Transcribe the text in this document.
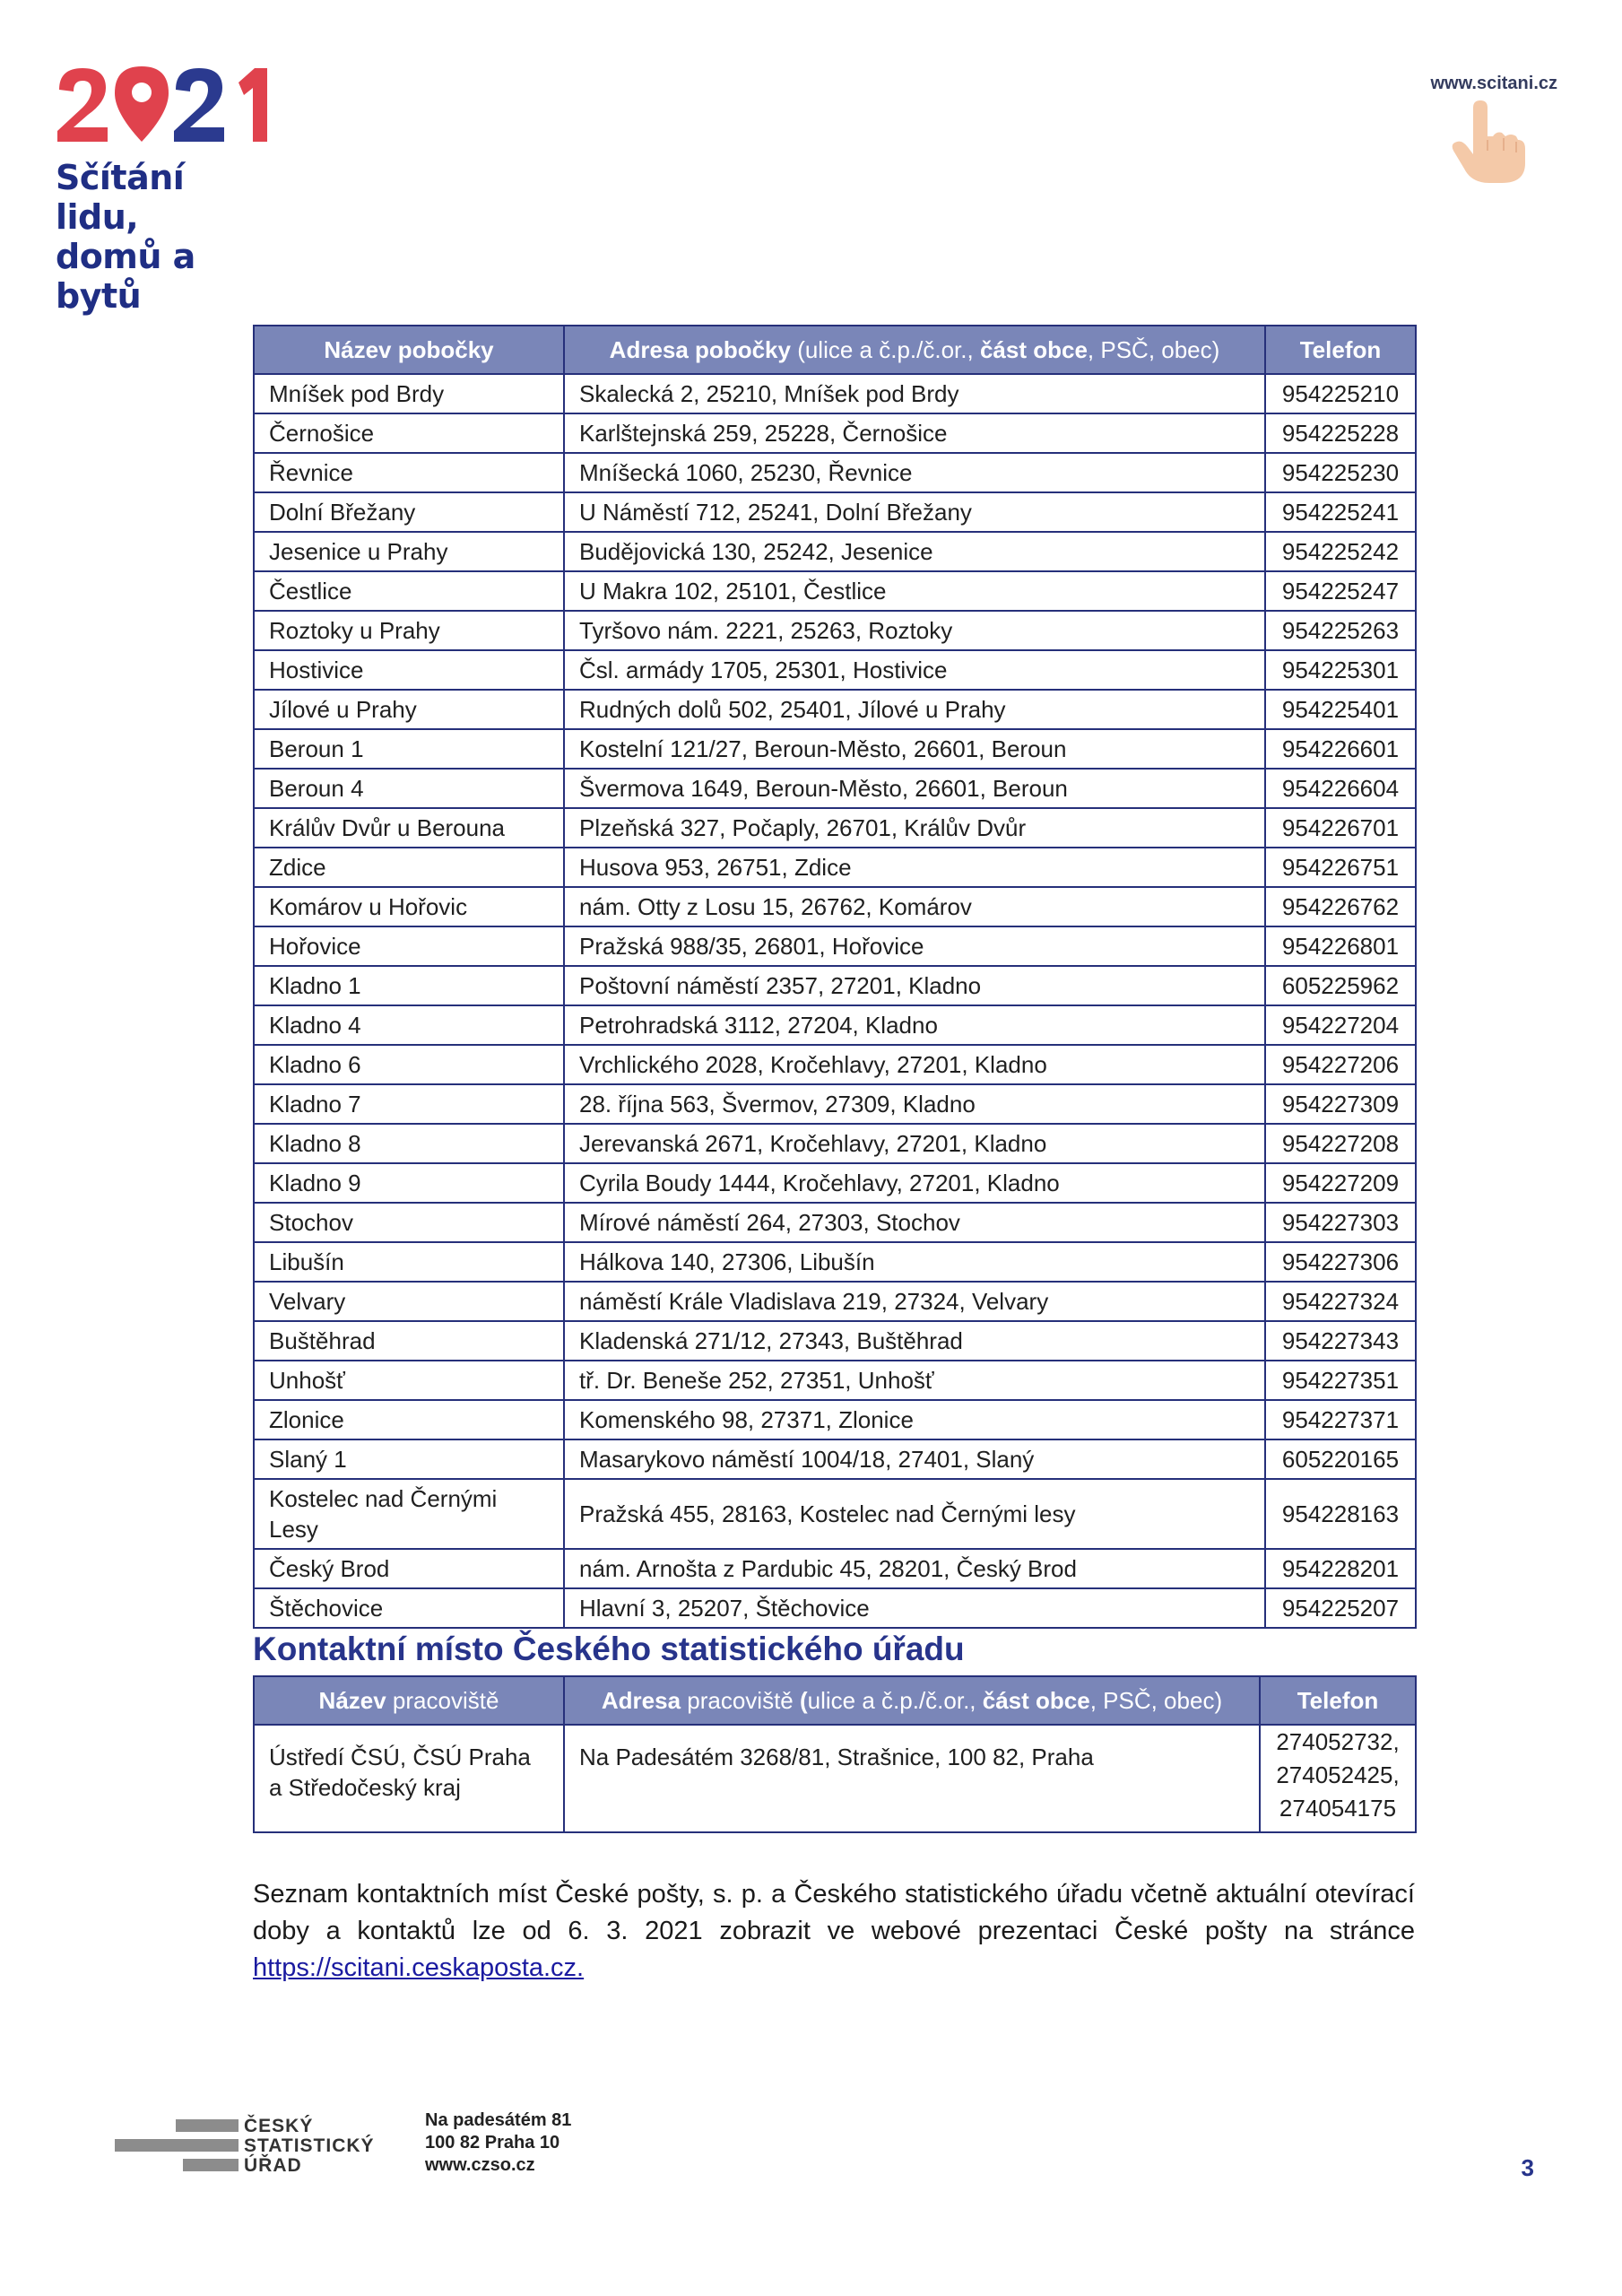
Sčítání lidu,
domů a bytů
www.scitani.cz
Název pobočky	Adresa pobočky (ulice a č.p./č.or., část obce, PSČ, obec)	Telefon
Mníšek pod Brdy	Skalecká 2, 25210, Mníšek pod Brdy	954225210
Černošice	Karlštejnská 259, 25228, Černošice	954225228
Řevnice	Mníšecká 1060, 25230, Řevnice	954225230
Dolní Břežany	U Náměstí 712, 25241, Dolní Břežany	954225241
Jesenice u Prahy	Budějovická 130, 25242, Jesenice	954225242
Čestlice	U Makra 102, 25101, Čestlice	954225247
Roztoky u Prahy	Tyršovo nám. 2221, 25263, Roztoky	954225263
Hostivice	Čsl. armády 1705, 25301, Hostivice	954225301
Jílové u Prahy	Rudných dolů 502, 25401, Jílové u Prahy	954225401
Beroun 1	Kostelní 121/27, Beroun-Město, 26601, Beroun	954226601
Beroun 4	Švermova 1649, Beroun-Město, 26601, Beroun	954226604
Králův Dvůr u Berouna	Plzeňská 327, Počaply, 26701, Králův Dvůr	954226701
Zdice	Husova 953, 26751, Zdice	954226751
Komárov u Hořovic	nám. Otty z Losu 15, 26762, Komárov	954226762
Hořovice	Pražská 988/35, 26801, Hořovice	954226801
Kladno 1	Poštovní náměstí 2357, 27201, Kladno	605225962
Kladno 4	Petrohradská 3112, 27204, Kladno	954227204
Kladno 6	Vrchlického 2028, Kročehlavy, 27201, Kladno	954227206
Kladno 7	28. října 563, Švermov, 27309, Kladno	954227309
Kladno 8	Jerevanská 2671, Kročehlavy, 27201, Kladno	954227208
Kladno 9	Cyrila Boudy 1444, Kročehlavy, 27201, Kladno	954227209
Stochov	Mírové náměstí 264, 27303, Stochov	954227303
Libušín	Hálkova 140, 27306, Libušín	954227306
Velvary	náměstí Krále Vladislava 219, 27324, Velvary	954227324
Buštěhrad	Kladenská 271/12, 27343, Buštěhrad	954227343
Unhošť	tř. Dr. Beneše 252, 27351, Unhošť	954227351
Zlonice	Komenského 98, 27371, Zlonice	954227371
Slaný 1	Masarykovo náměstí 1004/18, 27401, Slaný	605220165
Kostelec nad Černými Lesy	Pražská 455, 28163, Kostelec nad Černými lesy	954228163
Český Brod	nám. Arnošta z Pardubic 45, 28201, Český Brod	954228201
Štěchovice	Hlavní 3, 25207, Štěchovice	954225207
Kontaktní místo Českého statistického úřadu
Název pracoviště	Adresa pracoviště (ulice a č.p./č.or., část obce, PSČ, obec)	Telefon
Ústředí ČSÚ, ČSÚ Praha a Středočeský kraj	Na Padesátém 3268/81, Strašnice, 100 82, Praha	274052732,
274052425,
274054175
Seznam kontaktních míst České pošty, s. p. a Českého statistického úřadu včetně aktuální otevírací doby a kontaktů lze od 6. 3. 2021 zobrazit ve webové prezentaci České pošty na stránce https://scitani.ceskaposta.cz.
ČESKÝ
STATISTICKÝ
ÚŘAD
Na padesátém 81
100 82 Praha 10
www.czso.cz	3
